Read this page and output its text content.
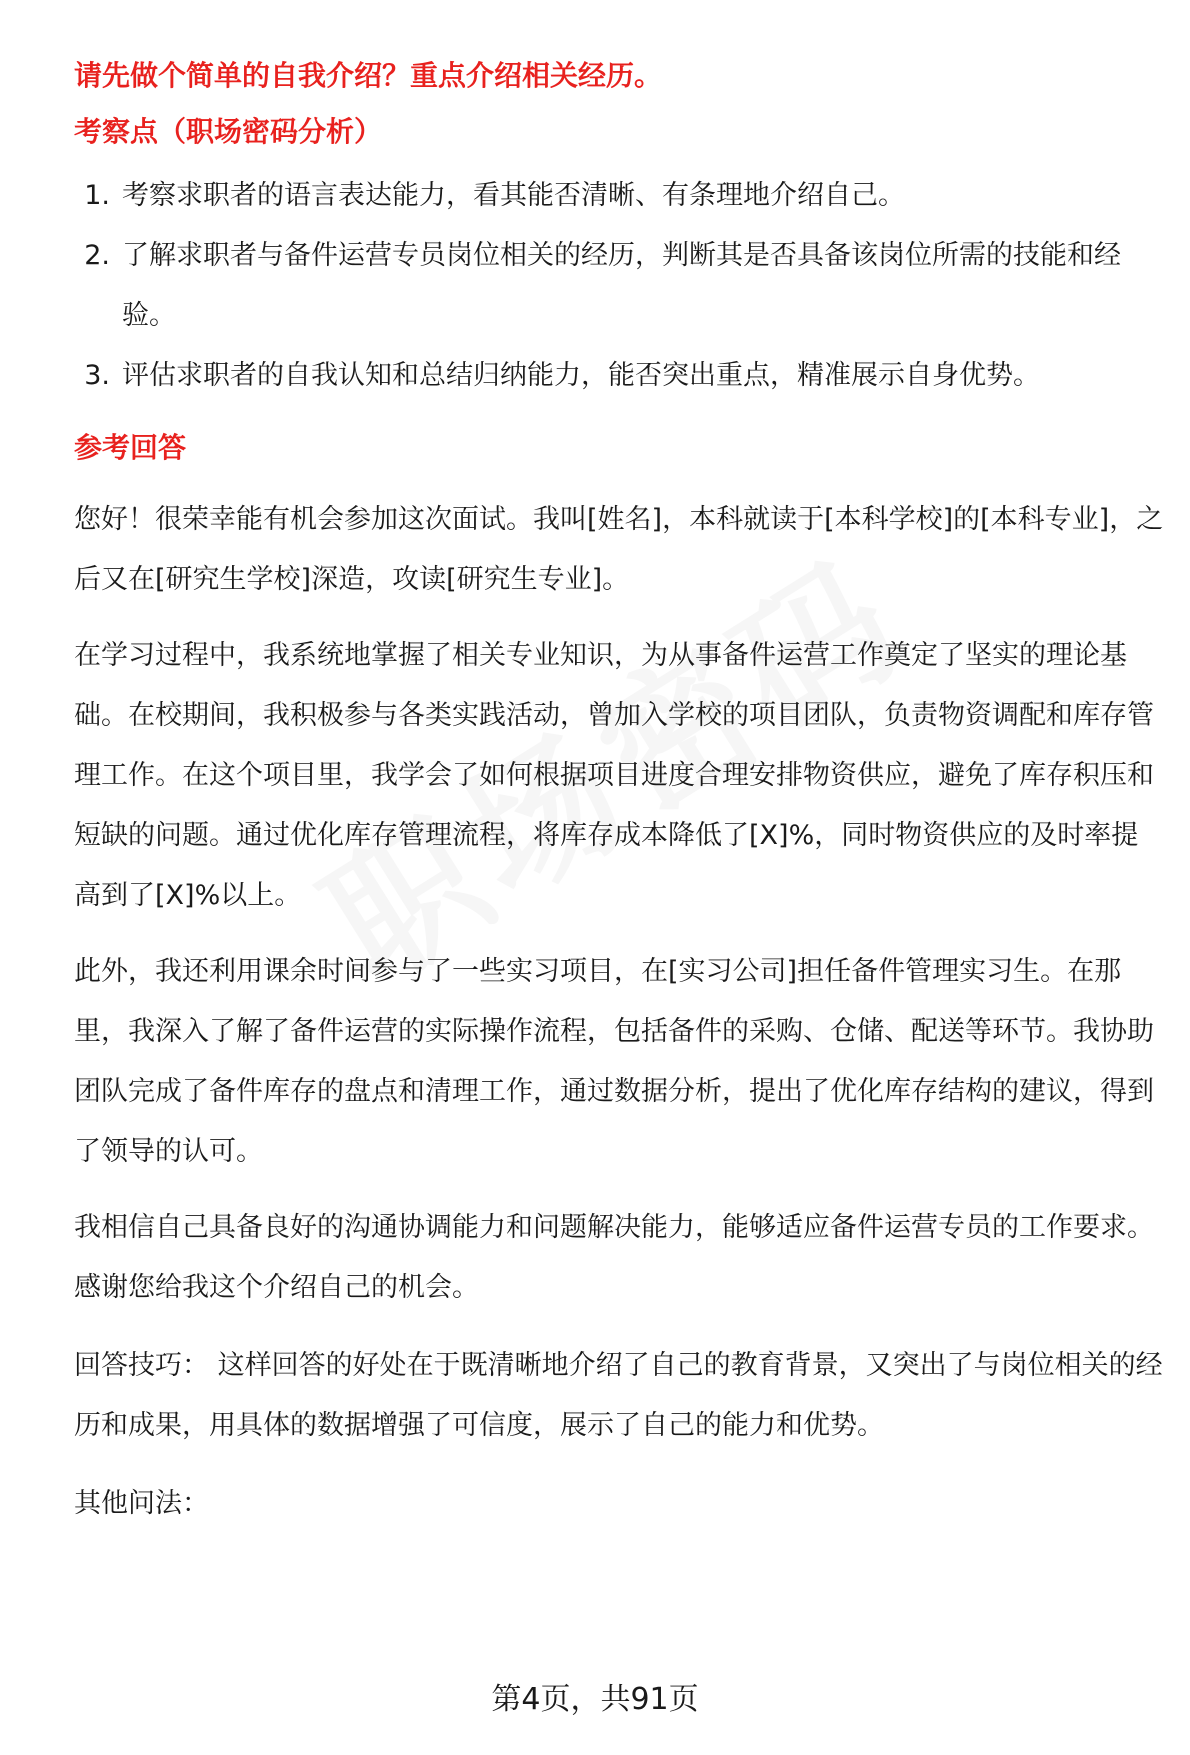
请先做个简单的自我介绍？重点介绍相关经历。

考察点（职场密码分析）

1. 考察求职者的语言表达能力，看其能否清晰、有条理地介绍自己。
2. 了解求职者与备件运营专员岗位相关的经历，判断其是否具备该岗位所需的技能和经验。
3. 评估求职者的自我认知和总结归纳能力，能否突出重点，精准展示自身优势。

参考回答

您好！很荣幸能有机会参加这次面试。我叫[姓名]，本科就读于[本科学校]的[本科专业]，之后又在[研究生学校]深造，攻读[研究生专业]。

在学习过程中，我系统地掌握了相关专业知识，为从事备件运营工作奠定了坚实的理论基础。在校期间，我积极参与各类实践活动，曾加入学校的项目团队，负责物资调配和库存管理工作。在这个项目里，我学会了如何根据项目进度合理安排物资供应，避免了库存积压和短缺的问题。通过优化库存管理流程，将库存成本降低了[X]%，同时物资供应的及时率提高到了[X]%以上。

此外，我还利用课余时间参与了一些实习项目，在[实习公司]担任备件管理实习生。在那里，我深入了解了备件运营的实际操作流程，包括备件的采购、仓储、配送等环节。我协助团队完成了备件库存的盘点和清理工作，通过数据分析，提出了优化库存结构的建议，得到了领导的认可。

我相信自己具备良好的沟通协调能力和问题解决能力，能够适应备件运营专员的工作要求。感谢您给我这个介绍自己的机会。

回答技巧： 这样回答的好处在于既清晰地介绍了自己的教育背景，又突出了与岗位相关的经历和成果，用具体的数据增强了可信度，展示了自己的能力和优势。

其他问法：

第4页，共91页
